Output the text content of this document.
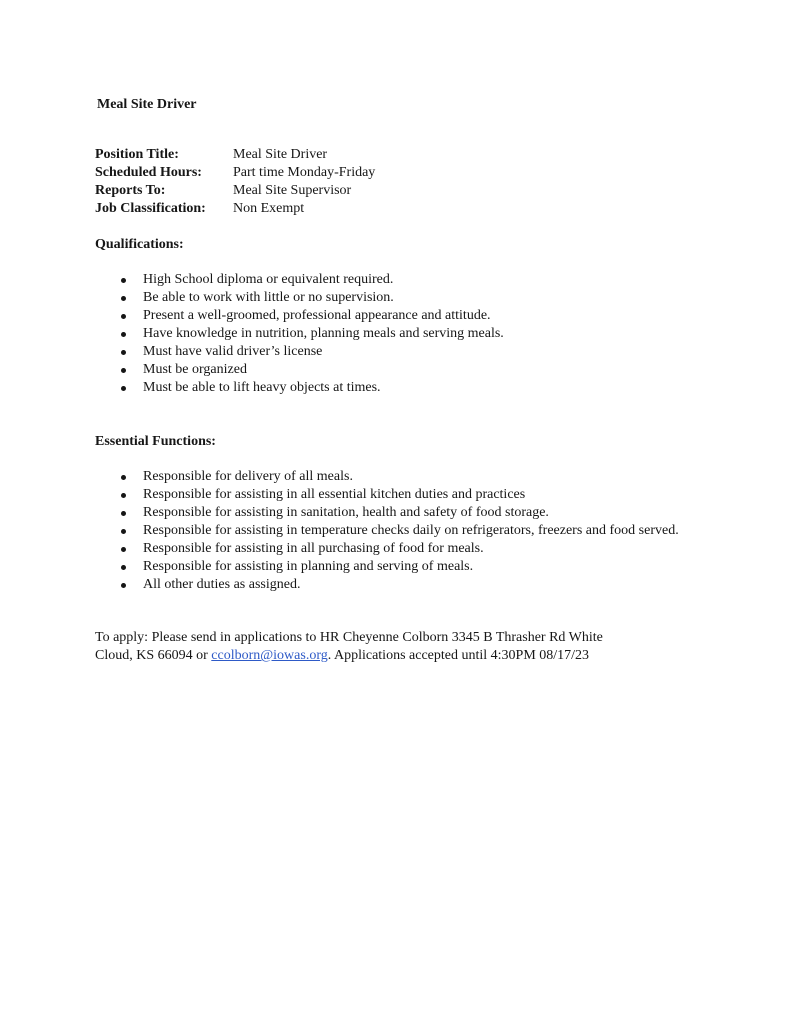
Meal Site Driver
Position Title:	Meal Site Driver
Scheduled Hours:	Part time Monday-Friday
Reports To:	Meal Site Supervisor
Job Classification:	Non Exempt
Qualifications:
High School diploma or equivalent required.
Be able to work with little or no supervision.
Present a well-groomed, professional appearance and attitude.
Have knowledge in nutrition, planning meals and serving meals.
Must have valid driver’s license
Must be organized
Must be able to lift heavy objects at times.
Essential Functions:
Responsible for delivery of all meals.
Responsible for assisting in all essential kitchen duties and practices
Responsible for assisting in sanitation, health and safety of food storage.
Responsible for assisting in temperature checks daily on refrigerators, freezers and food served.
Responsible for assisting in all purchasing of food for meals.
Responsible for assisting in planning and serving of meals.
All other duties as assigned.

To apply: Please send in applications to HR Cheyenne Colborn 3345 B Thrasher Rd White
Cloud, KS 66094 or ccolborn@iowas.org. Applications accepted until 4:30PM 08/17/23
